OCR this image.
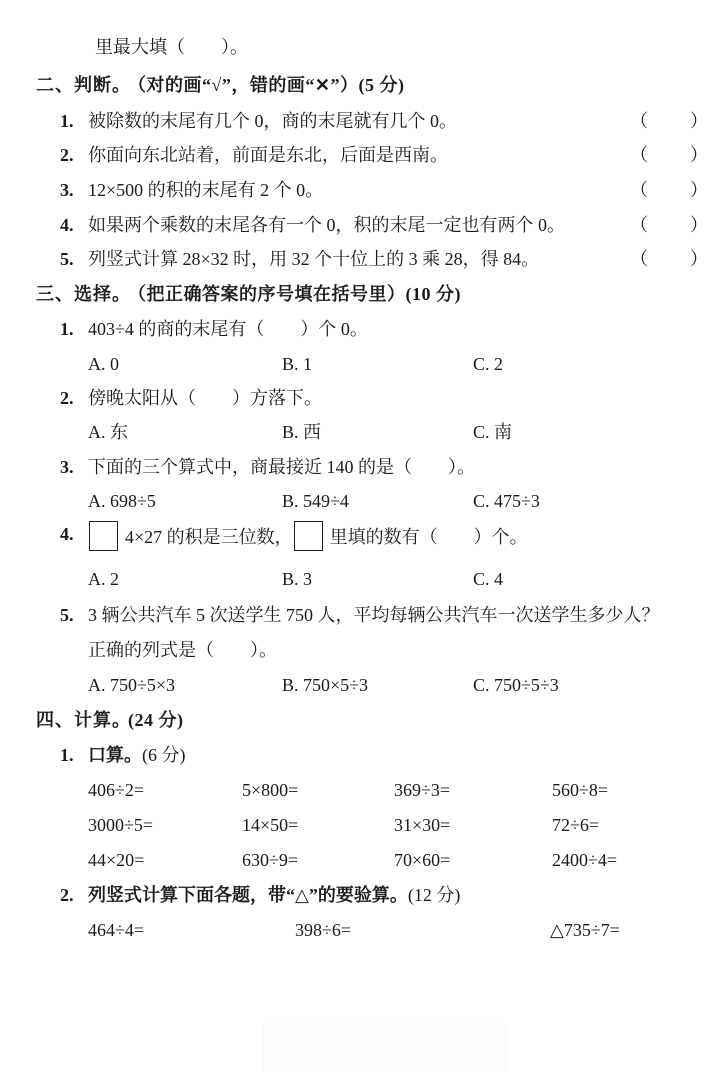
里最大填（　　）。
二、判断。
（对的画“√”，错的画“✕”）(5 分)
1. 被除数的末尾有几个 0，商的末尾就有几个 0。	（　　）
2. 你面向东北站着，前面是东北，后面是西南。	（　　）
3. 12×500 的积的末尾有 2 个 0。	（　　）
4. 如果两个乘数的末尾各有一个 0，积的末尾一定也有两个 0。	（　　）
5. 列竖式计算 28×32 时，用 32 个十位上的 3 乘 28，得 84。	（　　）
三、选择。
（把正确答案的序号填在括号里）(10 分)
1. 403÷4 的商的末尾有（　　）个 0。
A. 0	B. 1	C. 2
2. 傍晚太阳从（　　）方落下。
A. 东	B. 西	C. 南
3. 下面的三个算式中，商最接近 140 的是（　　）。
A. 698÷5	B. 549÷4	C. 475÷3
4.	4×27 的积是三位数， 里填的数有（　　）个。
A. 2	B. 3	C. 4
5. 3 辆公共汽车 5 次送学生 750 人，平均每辆公共汽车一次送学生多少人？
正确的列式是（　　）。
A. 750÷5×3	B. 750×5÷3	C. 750÷5÷3
四、计算。
(24 分)
1. 口算。(6 分)
406÷2=	5×800=	369÷3=	560÷8=
3000÷5=	14×50=	31×30=	72÷6=
44×20=	630÷9=	70×60=	2400÷4=
2. 列竖式计算下面各题，带“△”的要验算。(12 分)
464÷4=	398÷6=	△735÷7=
